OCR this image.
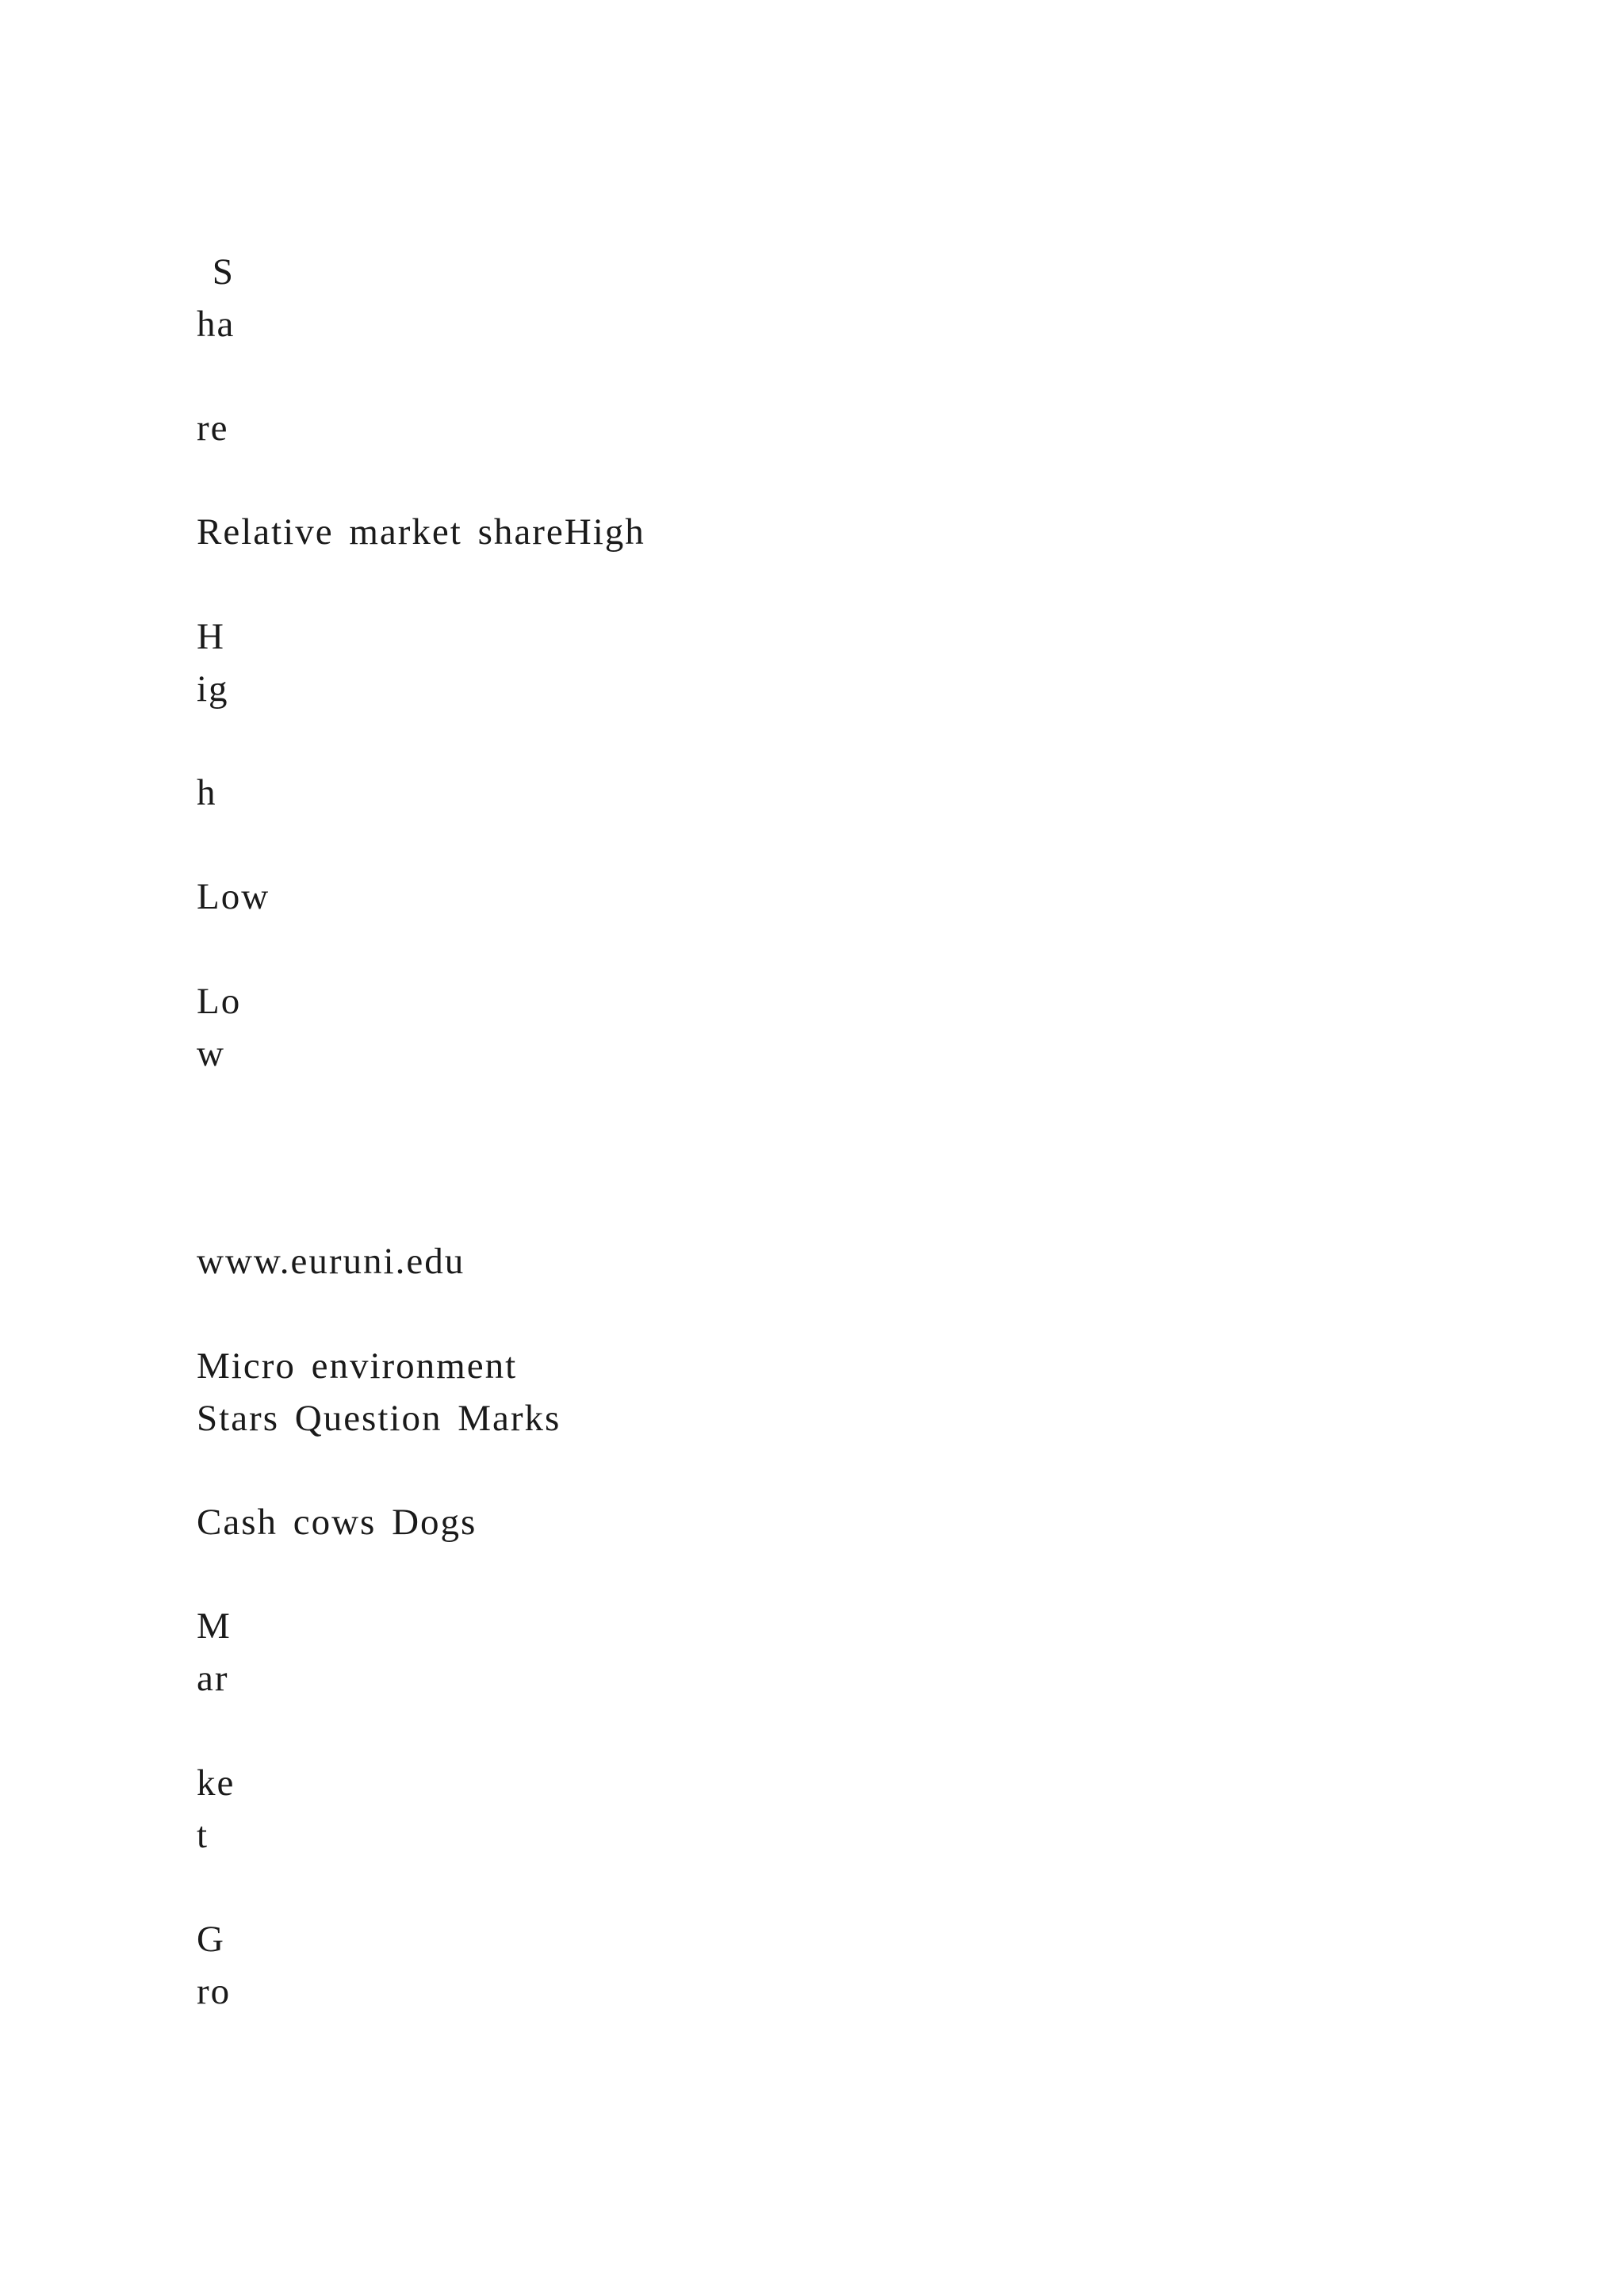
S

ha

re

Relative market shareHigh

H

ig

h

Low

Lo

w

www.euruni.edu

Micro environment

Stars Question Marks

Cash cows Dogs

M

ar

ke

t

G

ro
